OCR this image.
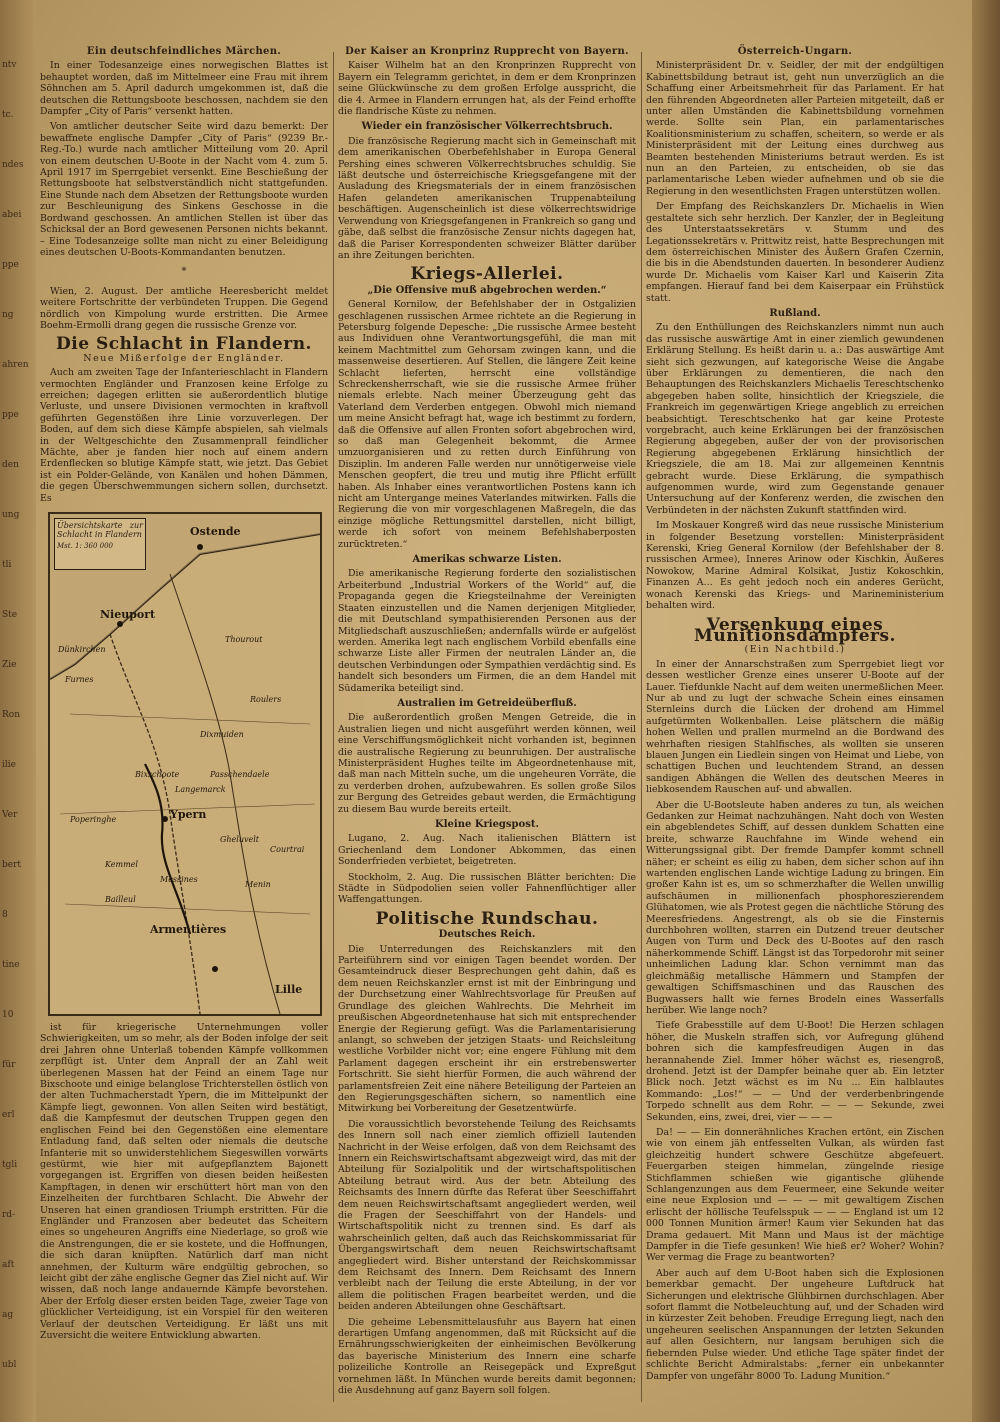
ntv
tc.
ndes
abei
ppe
ng
ahren
ppe
den
ung
tli
Ste
Zie
Ron
ilie
Ver
bert
8
tine
10
für
erl
tgli
rd-
aft
ag
ubl
Ein deutschfeindliches Märchen.

In einer Todesanzeige eines norwegischen Blattes ist behauptet worden, daß im Mittelmeer eine Frau mit ihrem Söhnchen am 5. April dadurch umgekommen ist, daß die deutschen die Rettungsboote beschossen, nachdem sie den Dampfer „City of Paris“ versenkt hatten.

Von amtlicher deutscher Seite wird dazu bemerkt: Der bewaffnete englische Dampfer „City of Paris“ (9239 Br.-Reg.-To.) wurde nach amtlicher Mitteilung vom 20. April von einem deutschen U-Boote in der Nacht vom 4. zum 5. April 1917 im Sperrgebiet versenkt. Eine Beschießung der Rettungsboote hat selbstverständlich nicht stattgefunden. Eine Stunde nach dem Absetzen der Rettungsboote wurden zur Beschleunigung des Sinkens Geschosse in die Bordwand geschossen. An amtlichen Stellen ist über das Schicksal der an Bord gewesenen Personen nichts bekannt. – Eine Todesanzeige sollte man nicht zu einer Beleidigung eines deutschen U-Boots-Kommandanten benutzen.

*

Wien, 2. August. Der amtliche Heeresbericht meldet weitere Fortschritte der verbündeten Truppen. Die Gegend nördlich von Kimpolung wurde erstritten. Die Armee Boehm-Ermolli drang gegen die russische Grenze vor.

Die Schlacht in Flandern.
Neue Mißerfolge der Engländer.

Auch am zweiten Tage der Infanterieschlacht in Flandern vermochten Engländer und Franzosen keine Erfolge zu erreichen; dagegen erlitten sie außerordentlich blutige Verluste, und unsere Divisionen vermochten in kraftvoll geführten Gegenstößen ihre Linie vorzuverlegen. Der Boden, auf dem sich diese Kämpfe abspielen, sah vielmals in der Weltgeschichte den Zusammenprall feindlicher Mächte, aber je fanden hier noch auf einem andern Erdenflecken so blutige Kämpfe statt, wie jetzt. Das Gebiet ist ein Polder-Gelände, von Kanälen und hohen Dämmen, die gegen Überschwemmungen sichern sollen, durchsetzt. Es

Übersichtskarte zur Schlacht in Flandern
Mst. 1: 360 000
Ostende
Nieuport
Dixmuiden
Ypern
Poperinghe
Armentières
Lille
Bailleul
Roulers
Thourout
Furnes
Dünkirchen
Passchendaele
Gheluvelt
Messines
Kemmel
Menin
Courtrai
Bixschoote
Langemarck

ist für kriegerische Unternehmungen voller Schwierigkeiten, um so mehr, als der Boden infolge der seit drei Jahren ohne Unterlaß tobenden Kämpfe vollkommen zerpflügt ist. Unter dem Anprall der an Zahl weit überlegenen Massen hat der Feind an einem Tage nur Bixschoote und einige belanglose Trichterstellen östlich von der alten Tuchmacherstadt Ypern, die im Mittelpunkt der Kämpfe liegt, gewonnen. Von allen Seiten wird bestätigt, daß die Kampfesmut der deutschen Truppen gegen den englischen Feind bei den Gegenstößen eine elementare Entladung fand, daß selten oder niemals die deutsche Infanterie mit so unwiderstehlichem Siegeswillen vorwärts gestürmt, wie hier mit aufgepflanztem Bajonett vorgegangen ist. Ergriffen von diesen beiden heißesten Kampftagen, in denen wir erschüttert hört man von den Einzelheiten der furchtbaren Schlacht. Die Abwehr der Unseren hat einen grandiosen Triumph erstritten. Für die Engländer und Franzosen aber bedeutet das Scheitern eines so ungeheuren Angriffs eine Niederlage, so groß wie die Anstrengungen, die er sie kostete, und die Hoffnungen, die sich daran knüpften. Natürlich darf man nicht annehmen, der Kulturm wäre endgültig gebrochen, so leicht gibt der zähe englische Gegner das Ziel nicht auf. Wir wissen, daß noch lange andauernde Kämpfe bevorstehen. Aber der Erfolg dieser ersten beiden Tage, zweier Tage von glücklicher Verteidigung, ist ein Vorspiel für den weiteren Verlauf der deutschen Verteidigung. Er läßt uns mit Zuversicht die weitere Entwicklung abwarten.

Der Kaiser an Kronprinz Rupprecht von Bayern.

Kaiser Wilhelm hat an den Kronprinzen Rupprecht von Bayern ein Telegramm gerichtet, in dem er dem Kronprinzen seine Glückwünsche zu dem großen Erfolge ausspricht, die die 4. Armee in Flandern errungen hat, als der Feind erhoffte die flandrische Küste zu nehmen.

Wieder ein französischer Völkerrechtsbruch.

Die französische Regierung macht sich in Gemeinschaft mit dem amerikanischen Oberbefehlshaber in Europa General Pershing eines schweren Völkerrechtsbruches schuldig. Sie läßt deutsche und österreichische Kriegsgefangene mit der Ausladung des Kriegsmaterials der in einem französischen Hafen gelandeten amerikanischen Truppenabteilung beschäftigen. Augenscheinlich ist diese völkerrechtswidrige Verwendung von Kriegsgefangenen in Frankreich so gang und gäbe, daß selbst die französische Zensur nichts dagegen hat, daß die Pariser Korrespondenten schweizer Blätter darüber an ihre Zeitungen berichten.

Kriegs-Allerlei.
„Die Offensive muß abgebrochen werden.“

General Kornilow, der Befehlshaber der in Ostgalizien geschlagenen russischen Armee richtete an die Regierung in Petersburg folgende Depesche: „Die russische Armee besteht aus Individuen ohne Verantwortungsgefühl, die man mit keinem Machtmittel zum Gehorsam zwingen kann, und die massenweise desertieren. Auf Stellen, die längere Zeit keine Schlacht lieferten, herrscht eine vollständige Schreckensherrschaft, wie sie die russische Armee früher niemals erlebte. Nach meiner Überzeugung geht das Vaterland dem Verderben entgegen. Obwohl mich niemand um meine Ansicht befragt hat, wage ich bestimmt zu fordern, daß die Offensive auf allen Fronten sofort abgebrochen wird, so daß man Gelegenheit bekommt, die Armee umzuorganisieren und zu retten durch Einführung von Disziplin. Im anderen Falle werden nur unnötigerweise viele Menschen geopfert, die treu und mutig ihre Pflicht erfüllt haben. Als Inhaber eines verantwortlichen Postens kann ich nicht am Untergange meines Vaterlandes mitwirken. Falls die Regierung die von mir vorgeschlagenen Maßregeln, die das einzige mögliche Rettungsmittel darstellen, nicht billigt, werde ich sofort von meinem Befehlshaberposten zurücktreten.“

Amerikas schwarze Listen.

Die amerikanische Regierung forderte den sozialistischen Arbeiterbund „Industrial Workers of the World“ auf, die Propaganda gegen die Kriegsteilnahme der Vereinigten Staaten einzustellen und die Namen derjenigen Mitglieder, die mit Deutschland sympathisierenden Personen aus der Mitgliedschaft auszuschließen; andernfalls würde er aufgelöst werden. Amerika legt nach englischem Vorbild ebenfalls eine schwarze Liste aller Firmen der neutralen Länder an, die deutschen Verbindungen oder Sympathien verdächtig sind. Es handelt sich besonders um Firmen, die an dem Handel mit Südamerika beteiligt sind.

Australien im Getreideüberfluß.

Die außerordentlich großen Mengen Getreide, die in Australien liegen und nicht ausgeführt werden können, weil eine Verschiffungsmöglichkeit nicht vorhanden ist, beginnen die australische Regierung zu beunruhigen. Der australische Ministerpräsident Hughes teilte im Abgeordnetenhause mit, daß man nach Mitteln suche, um die ungeheuren Vorräte, die zu verderben drohen, aufzubewahren. Es sollen große Silos zur Bergung des Getreides gebaut werden, die Ermächtigung zu diesem Bau wurde bereits erteilt.

Kleine Kriegspost.

Lugano, 2. Aug. Nach italienischen Blättern ist Griechenland dem Londoner Abkommen, das einen Sonderfrieden verbietet, beigetreten.

Stockholm, 2. Aug. Die russischen Blätter berichten: Die Städte in Südpodolien seien voller Fahnenflüchtiger aller Waffengattungen.

Politische Rundschau.
Deutsches Reich.

Die Unterredungen des Reichskanzlers mit den Parteiführern sind vor einigen Tagen beendet worden. Der Gesamteindruck dieser Besprechungen geht dahin, daß es dem neuen Reichskanzler ernst ist mit der Einbringung und der Durchsetzung einer Wahlrechtsvorlage für Preußen auf Grundlage des gleichen Wahlrechts. Die Mehrheit im preußischen Abgeordnetenhause hat sich mit entsprechender Energie der Regierung gefügt. Was die Parlamentarisierung anlangt, so schweben der jetzigen Staats- und Reichsleitung westliche Vorbilder nicht vor; eine engere Fühlung mit dem Parlament dagegen erscheint ihr ein erstrebenswerter Fortschritt. Sie sieht hierfür Formen, die auch während der parlamentsfreien Zeit eine nähere Beteiligung der Parteien an den Regierungsgeschäften sichern, so namentlich eine Mitwirkung bei Vorbereitung der Gesetzentwürfe.

Die voraussichtlich bevorstehende Teilung des Reichsamts des Innern soll nach einer ziemlich offiziell lautenden Nachricht in der Weise erfolgen, daß von dem Reichsamt des Innern ein Reichswirtschaftsamt abgezweigt wird, das mit der Abteilung für Sozialpolitik und der wirtschaftspolitischen Abteilung betraut wird. Aus der betr. Abteilung des Reichsamts des Innern dürfte das Referat über Seeschiffahrt dem neuen Reichswirtschaftsamt angegliedert werden, weil die Fragen der Seeschiffahrt von der Handels- und Wirtschaftspolitik nicht zu trennen sind. Es darf als wahrscheinlich gelten, daß auch das Reichskommissariat für Übergangswirtschaft dem neuen Reichswirtschaftsamt angegliedert wird. Bisher unterstand der Reichskommissar dem Reichsamt des Innern. Dem Reichsamt des Innern verbleibt nach der Teilung die erste Abteilung, in der vor allem die politischen Fragen bearbeitet werden, und die beiden anderen Abteilungen ohne Geschäftsart.

Die geheime Lebensmittelausfuhr aus Bayern hat einen derartigen Umfang angenommen, daß mit Rücksicht auf die Ernährungsschwierigkeiten der einheimischen Bevölkerung das bayerische Ministerium des Innern eine scharfe polizeiliche Kontrolle an Reisegepäck und Expreßgut vornehmen läßt. In München wurde bereits damit begonnen; die Ausdehnung auf ganz Bayern soll folgen.

Österreich-Ungarn.

Ministerpräsident Dr. v. Seidler, der mit der endgültigen Kabinettsbildung betraut ist, geht nun unverzüglich an die Schaffung einer Arbeitsmehrheit für das Parlament. Er hat den führenden Abgeordneten aller Parteien mitgeteilt, daß er unter allen Umständen die Kabinettsbildung vornehmen werde. Sollte sein Plan, ein parlamentarisches Koalitionsministerium zu schaffen, scheitern, so werde er als Ministerpräsident mit der Leitung eines durchweg aus Beamten bestehenden Ministeriums betraut werden. Es ist nun an den Parteien, zu entscheiden, ob sie das parlamentarische Leben wieder aufnehmen und ob sie die Regierung in den wesentlichsten Fragen unterstützen wollen.

Der Empfang des Reichskanzlers Dr. Michaelis in Wien gestaltete sich sehr herzlich. Der Kanzler, der in Begleitung des Unterstaatssekretärs v. Stumm und des Legationssekretärs v. Prittwitz reist, hatte Besprechungen mit dem österreichischen Minister des Äußern Grafen Czernin, die bis in die Abendstunden dauerten. In besonderer Audienz wurde Dr. Michaelis vom Kaiser Karl und Kaiserin Zita empfangen. Hierauf fand bei dem Kaiserpaar ein Frühstück statt.

Rußland.

Zu den Enthüllungen des Reichskanzlers nimmt nun auch das russische auswärtige Amt in einer ziemlich gewundenen Erklärung Stellung. Es heißt darin u. a.: Das auswärtige Amt sieht sich gezwungen, auf kategorische Weise die Angabe über Erklärungen zu dementieren, die nach den Behauptungen des Reichskanzlers Michaelis Tereschtschenko abgegeben haben sollte, hinsichtlich der Kriegsziele, die Frankreich im gegenwärtigen Kriege angeblich zu erreichen beabsichtigt. Tereschtschenko hat gar keine Proteste vorgebracht, auch keine Erklärungen bei der französischen Regierung abgegeben, außer der von der provisorischen Regierung abgegebenen Erklärung hinsichtlich der Kriegsziele, die am 18. Mai zur allgemeinen Kenntnis gebracht wurde. Diese Erklärung, die sympathisch aufgenommen wurde, wird zum Gegenstande genauer Untersuchung auf der Konferenz werden, die zwischen den Verbündeten in der nächsten Zukunft stattfinden wird.

Im Moskauer Kongreß wird das neue russische Ministerium in folgender Besetzung vorstellen: Ministerpräsident Kerenski, Krieg General Kornilow (der Befehlshaber der 8. russischen Armee), Inneres Arinow oder Kischkin, Äußeres Nowokow, Marine Admiral Kolsikat, Justiz Kokoschkin, Finanzen A… Es geht jedoch noch ein anderes Gerücht, wonach Kerenski das Kriegs- und Marineministerium behalten wird.

Versenkung eines Munitionsdampfers.
(Ein Nachtbild.)

In einer der Annarschstraßen zum Sperrgebiet liegt vor dessen westlicher Grenze eines unserer U-Boote auf der Lauer. Tiefdunkle Nacht auf dem weiten unermeßlichen Meer. Nur ab und zu lugt der schwache Schein eines einsamen Sternleins durch die Lücken der drohend am Himmel aufgetürmten Wolkenballen. Leise plätschern die mäßig hohen Wellen und prallen murmelnd an die Bordwand des wehrhaften riesigen Stahlfisches, als wollten sie unseren blauen Jungen ein Liedlein singen von Heimat und Liebe, von schattigen Buchen und leuchtendem Strand, an dessen sandigen Abhängen die Wellen des deutschen Meeres in liebkosendem Rauschen auf- und abwallen.

Aber die U-Bootsleute haben anderes zu tun, als weichen Gedanken zur Heimat nachzuhängen. Naht doch von Westen ein abgeblendetes Schiff, auf dessen dunklem Schatten eine breite, schwarze Rauchfahne im Winde wehend ein Witterungssignal gibt. Der fremde Dampfer kommt schnell näher; er scheint es eilig zu haben, dem sicher schon auf ihn wartenden englischen Lande wichtige Ladung zu bringen. Ein großer Kahn ist es, um so schmerzhafter die Wellen unwillig aufschäumen in millionenfach phosphoreszierendem Glühatomen, wie als Protest gegen die nächtliche Störung des Meeresfriedens. Angestrengt, als ob sie die Finsternis durchbohren wollten, starren ein Dutzend treuer deutscher Augen von Turm und Deck des U-Bootes auf den rasch näherkommende Schiff. Längst ist das Torpedorohr mit seiner unheimlichen Ladung klar. Schon vernimmt man das gleichmäßig metallische Hämmern und Stampfen der gewaltigen Schiffsmaschinen und das Rauschen des Bugwassers hallt wie fernes Brodeln eines Wasserfalls herüber. Wie lange noch?

Tiefe Grabesstille auf dem U-Boot! Die Herzen schlagen höher, die Muskeln straffen sich, vor Aufregung glühend bohren sich die kampfesfreudigen Augen in das herannahende Ziel. Immer höher wächst es, riesengroß, drohend. Jetzt ist der Dampfer beinahe quer ab. Ein letzter Blick noch. Jetzt wächst es im Nu ... Ein halblautes Kommando: „Los!“ — — Und der verderbenbringende Torpedo schnellt aus dem Rohr. — — — Sekunde, zwei Sekunden, eins, zwei, drei, vier — — —

Da! — — Ein donnerähnliches Krachen ertönt, ein Zischen wie von einem jäh entfesselten Vulkan, als würden fast gleichzeitig hundert schwere Geschütze abgefeuert. Feuergarben steigen himmelan, züngelnde riesige Stichflammen schießen wie gigantische glühende Schlangenzungen aus dem Feuermeer, eine Sekunde weiter eine neue Explosion und — — — mit gewaltigem Zischen erlischt der höllische Teufelsspuk — — — England ist um 12 000 Tonnen Munition ärmer! Kaum vier Sekunden hat das Drama gedauert. Mit Mann und Maus ist der mächtige Dampfer in die Tiefe gesunken! Wie hieß er? Woher? Wohin? Wer vermag die Frage zu beantworten?

Aber auch auf dem U-Boot haben sich die Explosionen bemerkbar gemacht. Der ungeheure Luftdruck hat Sicherungen und elektrische Glühbirnen durchschlagen. Aber sofort flammt die Notbeleuchtung auf, und der Schaden wird in kürzester Zeit behoben. Freudige Erregung liegt, nach den ungeheuren seelischen Anspannungen der letzten Sekunden auf allen Gesichtern, nur langsam beruhigen sich die fiebernden Pulse wieder. Und etliche Tage später findet der schlichte Bericht Admiralstabs: „ferner ein unbekannter Dampfer von ungefähr 8000 To. Ladung Munition.“
